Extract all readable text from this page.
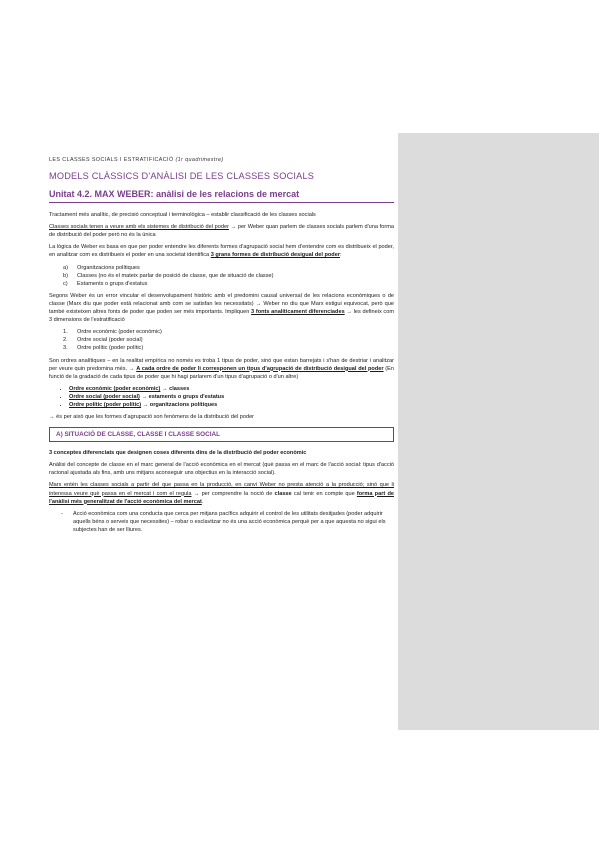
LES CLASSES SOCIALS I ESTRATIFICACIÓ (1r quadrimestre)
MODELS CLÀSSICS D'ANÀLISI DE LES CLASSES SOCIALS
Unitat 4.2. MAX WEBER: anàlisi de les relacions de mercat

Tractament més analític, de precisió conceptual i terminològica – establir classificació de les classes socials

Classes socials tenen a veure amb els sistemes de distribució del poder → per Weber quan parlem de classes socials parlem d'una forma de distribució del poder però no és la única

La lògica de Weber es basa en que per poder entendre les diferents formes d'agrupació social hem d'entendre com es distribueix el poder, en analitzar com es distribueix el poder en una societat identifica 3 grans formes de distribució desigual del poder:

a) Organitzacions polítiques
b) Classes (no és el mateix parlar de posició de classe, que de situació de classe)
c) Estaments o grups d'estatus

Segons Weber és un error vincular el desenvolupament històric amb el predomini causal universal de les relacions econòmiques o de classe (Marx diu que poder està relacionat amb com se satisfan les necessitats) → Weber no diu que Marx estigui equivocat, però que també existeixen altres fonts de poder que poden ser més importants. Impliquen 3 fonts analíticament diferenciades → les defineix com 3 dimensions de l'estratificació

1. Ordre econòmic (poder econòmic)
2. Ordre social (poder social)
3. Ordre polític (poder polític)

Son ordres analítiques – en la realitat empírica no només es troba 1 tipus de poder, sinó que estan barrejats i s'han de destriar i analitzar per veure quin predomina més. → A cada ordre de poder li corresponen un tipus d'agrupació de distribució desigual del poder (En funció de la gradació de cada tipus de poder que hi hagi parlarem d'un tipus d'agrupació o d'un altre)

• Ordre econòmic (poder econòmic) → classes
• Ordre social (poder social) → estaments o grups d'estatus
• Ordre polític (poder polític) → organitzacions polítiques

→ és per això que les formes d'agrupació son fenòmens de la distribució del poder

A) SITUACIÓ DE CLASSE, CLASSE I CLASSE SOCIAL

3 conceptes diferenciats que designen coses diferents dins de la distribució del poder econòmic

Anàlisi del concepte de classe en el marc general de l'acció econòmica en el mercat (què passa en el marc de l'acció social: tipus d'acció racional ajustada als fins, amb uns mitjans aconseguir uns objectius en la interacció social).

Marx entén les classes socials a partir del que passa en la producció, en canvi Weber no presta atenció a la producció; sinó que li interessa veure què passa en el mercat i com el regula → per comprendre la noció de classe cal tenir en compte que forma part de l'anàlisi més generalitzat de l'acció econòmica del mercat.

-	Acció econòmica com una conducta que cerca per mitjans pacífics adquirir el control de les utilitats desitjades (poder adquirir aquells béns o serveis que necessites) – robar o esclavitzar no és una acció econòmica perquè per a que aquesta no sigui els subjectes han de ser lliures.
